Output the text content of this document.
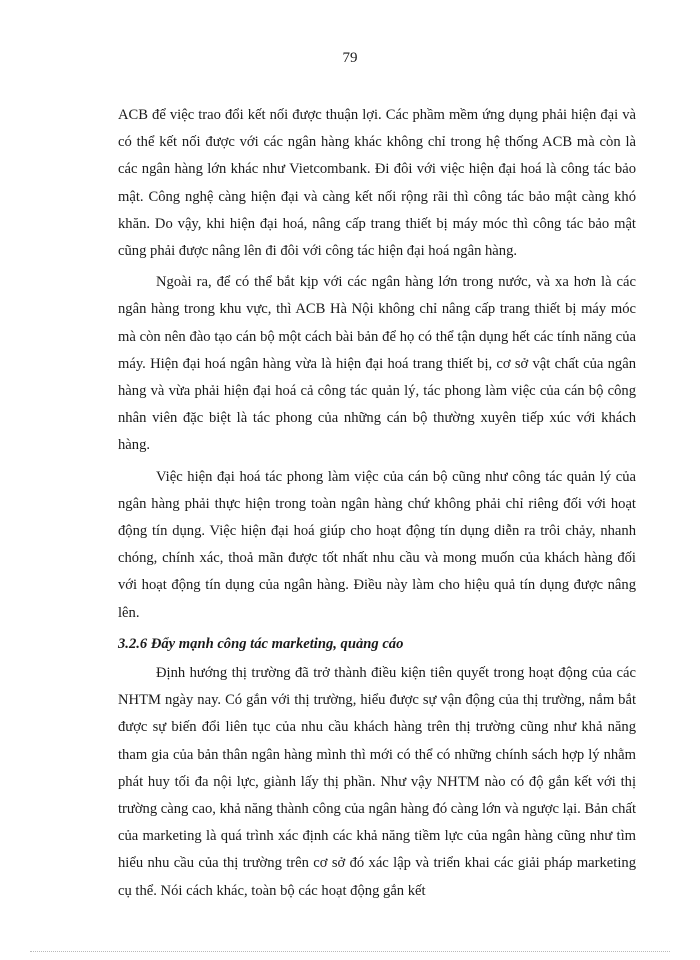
79

ACB để việc trao đổi kết nối được thuận lợi. Các phầm mềm ứng dụng phải hiện đại và có thể kết nối được với các ngân hàng khác không chỉ trong hệ thống ACB mà còn là các ngân hàng lớn khác như Vietcombank. Đi đôi với việc hiện đại hoá là công tác bảo mật. Công nghệ càng hiện đại và càng kết nối rộng rãi thì công tác bảo mật càng khó khăn. Do vậy, khi hiện đại hoá, nâng cấp trang thiết bị máy móc thì công tác bảo mật cũng phải được nâng lên đi đôi với công tác hiện đại hoá ngân hàng.

Ngoài ra, để có thể bắt kịp với các ngân hàng lớn trong nước, và xa hơn là các ngân hàng trong khu vực, thì ACB Hà Nội không chỉ nâng cấp trang thiết bị máy móc mà còn nên đào tạo cán bộ một cách bài bản để họ có thể tận dụng hết các tính năng của máy. Hiện đại hoá ngân hàng vừa là hiện đại hoá trang thiết bị, cơ sở vật chất của ngân hàng và vừa phải hiện đại hoá cả công tác quản lý, tác phong làm việc của cán bộ công nhân viên đặc biệt là tác phong của những cán bộ thường xuyên tiếp xúc với khách hàng.

Việc hiện đại hoá tác phong làm việc của cán bộ cũng như công tác quản lý của ngân hàng phải thực hiện trong toàn ngân hàng chứ không phải chỉ riêng đối với hoạt động tín dụng. Việc hiện đại hoá giúp cho hoạt động tín dụng diễn ra trôi chảy, nhanh chóng, chính xác, thoả mãn được tốt nhất nhu cầu và mong muốn của khách hàng đối với hoạt động tín dụng của ngân hàng. Điều này làm cho hiệu quả tín dụng được nâng lên.

3.2.6 Đẩy mạnh công tác marketing, quảng cáo

Định hướng thị trường đã trở thành điều kiện tiên quyết trong hoạt động của các NHTM ngày nay. Có gắn với thị trường, hiểu được sự vận động của thị trường, nắm bắt được sự biến đổi liên tục của nhu cầu khách hàng trên thị trường cũng như khả năng tham gia của bản thân ngân hàng mình thì mới có thể có những chính sách hợp lý nhằm phát huy tối đa nội lực, giành lấy thị phần. Như vậy NHTM nào có độ gắn kết với thị trường càng cao, khả năng thành công của ngân hàng đó càng lớn và ngược lại. Bản chất của marketing là quá trình xác định các khả năng tiềm lực của ngân hàng cũng như tìm hiểu nhu cầu của thị trường trên cơ sở đó xác lập và triển khai các giải pháp marketing cụ thể. Nói cách khác, toàn bộ các hoạt động gắn kết
